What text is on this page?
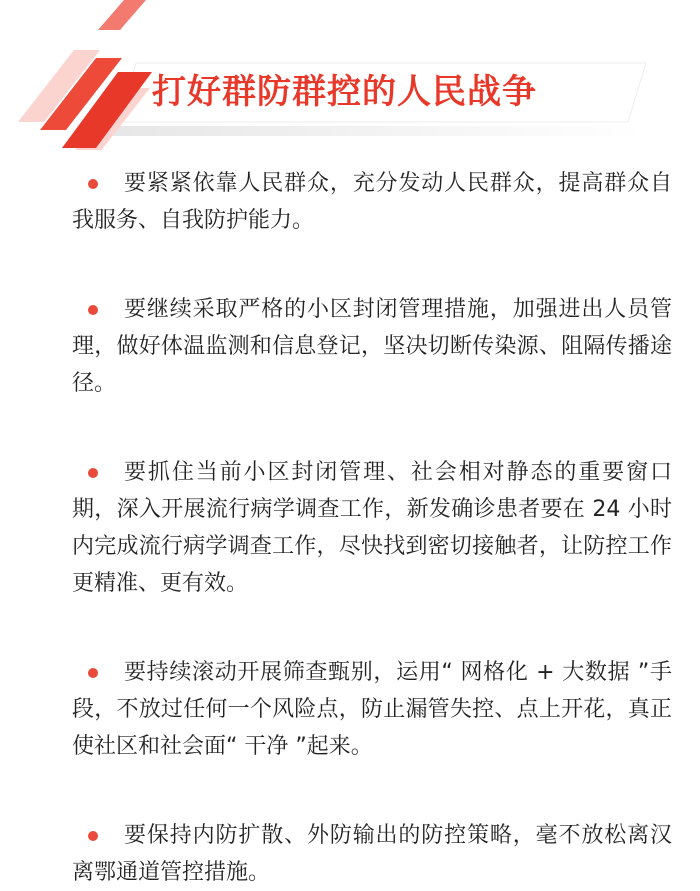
打好群防群控的人民战争

要紧紧依靠人民群众，充分发动人民群众，提高群众自我服务、自我防护能力。

要继续采取严格的小区封闭管理措施，加强进出人员管理，做好体温监测和信息登记，坚决切断传染源、阻隔传播途径。

要抓住当前小区封闭管理、社会相对静态的重要窗口期，深入开展流行病学调查工作，新发确诊患者要在 24 小时内完成流行病学调查工作，尽快找到密切接触者，让防控工作更精准、更有效。

要持续滚动开展筛查甄别，运用“ 网格化 + 大数据 ”手段，不放过任何一个风险点，防止漏管失控、点上开花，真正使社区和社会面“ 干净 ”起来。

要保持内防扩散、外防输出的防控策略，毫不放松离汉离鄂通道管控措施。
